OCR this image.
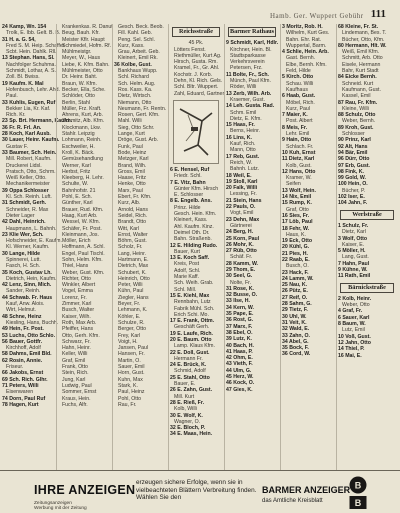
Hamb. Ger. Wuppert Gebühr 111
24 Kamp, Wn. 154
Trolk, E. Ibb. Gelt. B. B.
31 H. a. G. 54,
Fred S. M. Heip. Schaffer
Scbt. Hein. Dahlk. Rll.
13 Stephan. Hans, Sl.
Nachfolger Schuhma.
Schmidt, Lothar, A. S.
Zoll. Bl. Bwiss.
19 Kaufm. K. Mal
Hofenbusch, Lehr. Ahd.
Paul.
33 Kuhlis, Eugen, Ruf
Bekker Lia, Kr. Kaf.
Rich. Kr.
23 Sp. Brt. Hermann, Kaufm.
36 Fr. R. Frl. An.
28 Koch, Karl Ausb.
30 Lauer, Heinr. Kaufm.
Gustav F.
33 Baumer, Sch. Hein.
Mill. Robert, Kaufm.
Druckerei Lidsl.
Pratsch, Otto, Schrm.
Weiß Keller, Otto.
Mechanikermeister
39 Oppa Schlosser
Kl. Sch. Reinh. Luft.
31 Schmidt, Gerh.
Schneider, R. Max
Dieter Lager
42 Dahl, Heinrich.
Haupmann, L. Bahnh.
23 Klie Wer, Sch.
Hofschneider, E. Kaufm.
Kl. Werner, Kaufm.
30 Lange, Hilde
Spinnerei, Lutt.
Fasch, H. Sch.
35 Koch, Gustav Lh.
Dietrich, Hein, Kaufm.
42 Lenz, Sinn, Mich.
Sander, Reinh.
44 Schwab. Fr. Haus
Kauf, Anw. Alois.
Wirt, Helmut.
48 Schne, Heinz
Kiesling, Hans, Buchh.
49 Hein, Fr. Post.
53 Luchs, Otto Schlo.
56 Bauer, Gottfr.
Kirchhoff, Adolf
58 Dahms, Emil Bld.
62 Rosin, Annie.
Friseur.
66 Jakobs, Ernst
69 Sch. Rich. Glhr.
71 Peters, Willi
Eisenwaren
74 Dorn, Paul Ruf
78 Hagen, Kurt
Krankenkas. R. Danut
Beug, Bauh. Kfr.
Meister Kflr. Haupt
Schmiedel, Hofm. Rf.
Mühlmeistgr.
Meyer, W., Haus
Liebe, K. Kfm. Bahn.
Mühlmeister, Otto
Dr. Heinr. Baht.
Braun, W. Kfm.
Becker, Ella, Sche.
Schlöder, Otto
Berlin, Stahl
Müller, Frz. Kraft.
Ahrens, Kurt, Arb.
Schmitz, Alb. Kfm.
Klockmann, Lkw.
Stahlr. Leipzig
Lohmann, Reinh.
Eschweiler, H.
Kroll, K. Bäck.
Gemüsehandlung
Werner, Karl
Herbst, Fritz
Kleeberg, H. Lehr.
Schulte, W.
Bahnhofstr. 21
Pohl, E. Sch.
Günther, Karl
Brauer, Rud. Kfm.
Haag, Kurt Arb.
Wessel, W. Kfm.
Schäfer, Fr. Post.
Kleinmann, Jos.
Möller, Erich
Hoffmann, A. Schl.
Engel, Paul Tischl.
Sohn, Helm. Kfm.
Thiel, Hans
Weber, Gust. Kfm.
Richter, Otto
Winkler, Albert
Vogel, Emma
Lorenz, Fr.
Zimmer, Karl
Busch, Walter
Kaiser, Wilh.
Roth, Max Arb.
Pfeiffer, Hans
Otto, Gerh. Kfm.
Schwarz, Fr.
Hahn, Heinr.
Keller, Willi
Graf, Emil
Frank, Otto
Stein, Rich.
Jung, Karl
Ludwig, Paul
Sommer, Ernst
Kraus, Hein.
Fuchs, Alfr.
Gesch. Beck. Beob.
Fill. Kahl. Geb.
Peng. Sel. Schl.
Kurz, Kass.
Grau, Arbeit. Geb.
Kleinert, Emil Rk.
36 Kolbe, Gust.
Bankhaus Wupp.
Schl. Richard
Sch. Helm. Aug.
Ros. Kass. Ka.
Dietz, Wirtsch.
Niemann, Otto
Neumann, Fr. Rentn.
Rosen, Gert. Kfm.
Mahl. Willi
Sieg, Otto Schr.
Lange, Kurt
Dröge, Gust. Arb.
Funk, Paul
Bode, Heinz
Metzger, Karl
Brand, Wilh.
Gross, Emil
Haase, Fritz
Henke, Otto
Marx, Paul
Ebert, Fr. Kfm.
Kurz, Alb.
Arnold, Hans
Seidel, Rich.
Brandt, Otto
Witt, Karl
Ernst, Walter
Böhm, Gust.
Scholz, Fr.
Lang, Heinr.
Hartmann, E.
Dietrich, Max
Schubert, K.
Heinrich, Otto
Peter, Willi
Kühn, Paul
Ziegler, Hans
Beyer, Fr.
Lehmann, K.
Köhler, E.
Schulze, R.
Berger, Otto
Frey, Karl
Voigt, H.
Jansen, Paul
Hansen, Fr.
Martin, O.
Sauer, Emil
Horn, Gust.
Kuhn, Max
Stark, K.
Paul, Heinz
Pohl, Otto
Rau, Fr.
Reichsstraße
45 Pk.
Lötters Fenst.
Riethmüller, Kurt Ag.
Hirsch, Gusta. Rm.
Kramel, Fr., Gr. Ahl.
Kochstr. J. Korb.
Dehn, Kl. Rich. Gels.
Schl. Bltr. Wuppert.
Zahl, Eduard, Gartner
6 E. Hensel, Ruf
Friedr. Schl.
7 E. Vitz, Bahn
Günter Kfm. Hirsch
E. Schlosser
8 E. Engelb. Ans.
Prinz. Hilde
Gesch. Hein. Kfm.
Kleinert, Kass.
Ahl. Kaufm. Kinz.
Deimel Oth. Dr.
Bahn. Straßenb.
12 E. Hilding Rudo.
Bauer, Kurt
13 E. Koch Saff.
Kreis, Post
Adolf, Schl.
Marie Kaff.
Sch. Weih. Grab.
Schl. Mill.
15 E. Kiehl, Max
Rennbahn, Lutz
Fabrik Mühl. Sch.
Erich Schi. Mo.
17 E. Frank, Ottm.
Geschäft Gerh.
19 E. Laufe, Rich.
20 E. Baum. Otto
Lamp. Klaus Kfm.
22 E. Doll, Gust.
Hermann Fr.
24 E. Brück, K.
Schmid, Adolf
25 E. Stahl, Otto
Bauer, E.
26 E. Zahn, Gust.
Mill. Kurt
28 E. Rieß, Fr.
Kolb, Willi
30 E. Wolf, K.
Wagner, O.
32 E. Bloch, P.
34 E. Maas, Hein.
Barmer Rathaus
9 Schmidt, Karl, Hdlr.
Kirchner, Hein. Bl.
Stadtsparkasse
Verkehrsverein
Petersen, Frz.
11 Bolte, Fr., Sch.
Münch, Paul Kfm.
Röder, Willi
13 Zerb, Wilh. Arb.
Kraemer, Gust.
14 Leh. Gusta. Rad.
Schm. Emil
Dietz, E. Kfm.
15 Haas, Fr.
Berns, Heinr.
16 Lins, K.
Kauf, Rich.
Mann, Otto
17 Reb, Gust.
Reich, W.
Bahnh. Lutz.
18 Weil, E.
19 Stoll, Karl
20 Falk, Willi
Lessing, Fr.
21 Stein, Hans
22 Pauls, O.
Vogt, Emil
23 Dehn, Max
Gärtnerei
24 Berg, H.
25 Korn, Paul
26 Mohr, K.
27 Rüb, Otto
Schäf. Fr.
28 Kamm, W.
29 Thom, E.
30 Seel, G.
Nolte, Fr.
31 Rose, K.
32 Busse, O.
33 Ilse, H.
34 Kern, W.
35 Pape, E.
36 Rost, G.
37 Marx, F.
38 Ebel, O.
39 Lutz, K.
40 Bach, H.
41 Haas, P.
42 Ohm, E.
43 Vieth, F.
44 Ulm, G.
45 Herz, W.
46 Kock, O.
47 Gies, K.
3 Moritz, Rob. H.
Wilhelm, Kurt Ges.
Bahn. Ehr. Rat.
Wuppertal, Barm.
4 Schlie, Hein. Arb.
Gast. Bernh.
Elbe, Bernh. Kfm.
Feld, Hilde
5 Kirch. Otto
Schau. Willi
Kaufhaus
6 Haab, Gust.
Möbel, Rich.
Kurz, Paul
7 Maier, K.
Post. Albert
8 Meis, Fr.
Lehr. Emil
9 Hain, Otto
Schlach. Fr.
10 Kuh, Ernst
11 Dietz, Karl
Kolb, Gust.
12 Hans, Otto
Kramer, W.
Seifen
13 Wolf, Hein.
14 Nix, Emil
15 Rump, K.
Graf, Otto
16 Sies, Fr.
17 Löb, Paul
18 Fehr, W.
Haus, K.
19 Eck, Otto
20 Kühl, G.
21 Pies, H.
22 Raab, E.
Busch, O.
23 Hack, F.
24 Lamm, W.
25 Nau, K.
26 Pütz, E.
27 Reif, O.
28 Sahm, G.
29 Tietz, F.
30 Uhl, W.
31 Veit, K.
32 Wald, E.
33 Zahn, O.
34 Abel, G.
35 Bock, F.
36 Cord, W.
68 Kleine, Fr. St.
Lindemann, Bes. T.
Bücher, Otto, Kfm.
80 Hermann, Hlt. W.
Weiß, Emil Kfm.
Schmitt, Arb. Otto
Eisele, Hermann
Bahr, Kurt Stadt
84 Eicke Bernh.
Schneid. Kurt
Kaufmann, Gust.
Kassel, Emil
87 Rau, Fr. Kfm.
Kleine, Willi
88 Schulz, Otto
Weber, Bernh.
89 Kroh, Gust.
Schlosser
90 Prinz, Karl
92 Alt, Hans
94 Bär, Emil
96 Dürr, Otto
97 Erb, Gust.
98 Fink, K.
99 Gold, W.
100 Hein, O.
Bücher, P.
102 Iser, E.
104 Jahn, F.
Werlstraße
1 Schulz, Fr.
Dietz, Karl
3 Wolf, Otto
Kaiser, E.
5 Möller, H.
Lang, Gust.
7 Hahn, Paul
9 Kühne, W.
11 Rath, Emil
Bärnickstraße
2 Kolb, Heinr.
Weber, Otto
4 Graf, Fr.
6 Sauer, Karl
8 Baum, W.
Lutz, Emil
10 Voß, Gust.
12 Jahn, Otto
14 Thiel, P.
16 Mai, E.
IHRE ANZEIGEN
Zeitungsanzeigen
Werbung mit der Zeitung
erzeugen sichere Erfolge, wenn sie in vielbeachteten Blättern Verbreitung finden. Wählen Sie den
BARMER ANZEIGER
das Amtliche Kreisblatt
B
B
